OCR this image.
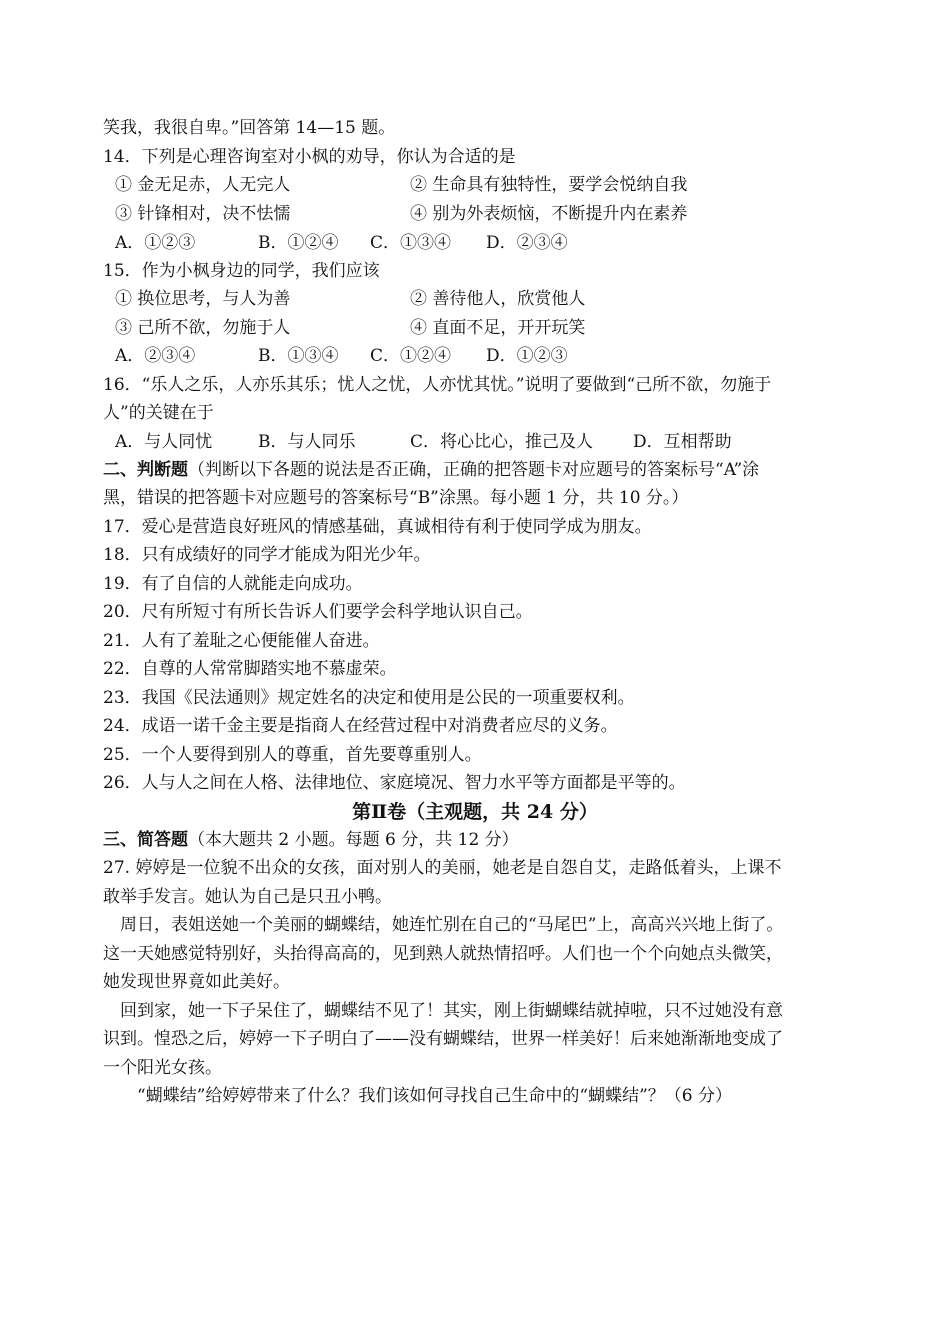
笑我，我很自卑。”回答第 14—15 题。
14．下列是心理咨询室对小枫的劝导，你认为合适的是
① 金无足赤，人无完人	② 生命具有独特性，要学会悦纳自我
③ 针锋相对，决不怯懦	④ 别为外表烦恼，不断提升内在素养
A．①②③	B．①②④ C．①③④ D．②③④
15．作为小枫身边的同学，我们应该
① 换位思考，与人为善	② 善待他人，欣赏他人
③ 己所不欲，勿施于人	④ 直面不足，开开玩笑
A．②③④	B．①③④ C．①②④ D．①②③
16．“乐人之乐，人亦乐其乐；忧人之忧，人亦忧其忧。”说明了要做到“己所不欲，勿施于
人”的关键在于
A．与人同忧	B．与人同乐	C．将心比心，推己及人 D．互相帮助
二、判断题（判断以下各题的说法是否正确，正确的把答题卡对应题号的答案标号“A”涂
黑，错误的把答题卡对应题号的答案标号“B”涂黑。每小题 1 分，共 10 分。）
17．爱心是营造良好班风的情感基础，真诚相待有利于使同学成为朋友。
18．只有成绩好的同学才能成为阳光少年。
19．有了自信的人就能走向成功。
20．尺有所短寸有所长告诉人们要学会科学地认识自己。
21．人有了羞耻之心便能催人奋进。
22．自尊的人常常脚踏实地不慕虚荣。
23．我国《民法通则》规定姓名的决定和使用是公民的一项重要权利。
24．成语一诺千金主要是指商人在经营过程中对消费者应尽的义务。
25．一个人要得到别人的尊重，首先要尊重别人。
26．人与人之间在人格、法律地位、家庭境况、智力水平等方面都是平等的。
第Ⅱ卷（主观题，共 24 分）
三、简答题（本大题共 2 小题。每题 6 分，共 12 分）
27. 婷婷是一位貌不出众的女孩，面对别人的美丽，她老是自怨自艾，走路低着头，上课不
敢举手发言。她认为自己是只丑小鸭。
　周日，表姐送她一个美丽的蝴蝶结，她连忙别在自己的“马尾巴”上，高高兴兴地上街了。
这一天她感觉特别好，头抬得高高的，见到熟人就热情招呼。人们也一个个向她点头微笑，
她发现世界竟如此美好。
　回到家，她一下子呆住了，蝴蝶结不见了！其实，刚上街蝴蝶结就掉啦，只不过她没有意
识到。惶恐之后，婷婷一下子明白了——没有蝴蝶结，世界一样美好！后来她渐渐地变成了
一个阳光女孩。
　　“蝴蝶结”给婷婷带来了什么？我们该如何寻找自己生命中的“蝴蝶结”？（6 分）
